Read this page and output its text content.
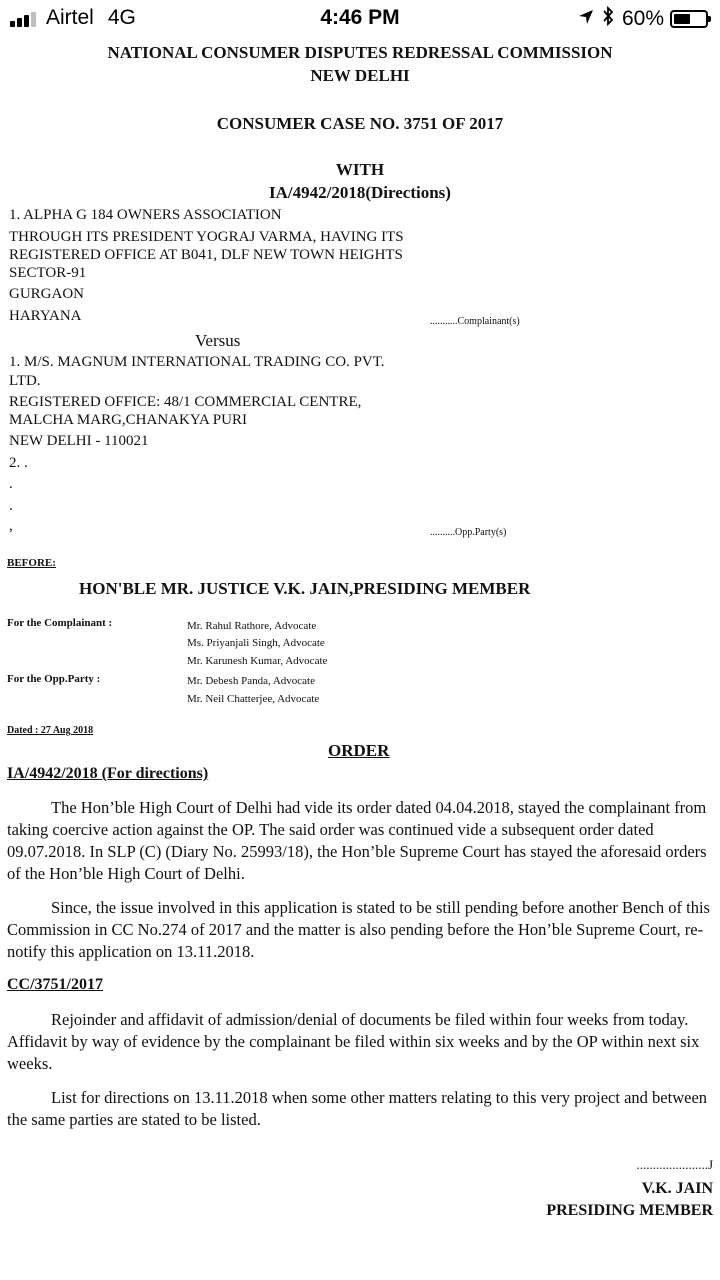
Airtel 4G	4:46 PM	60%
NATIONAL CONSUMER DISPUTES REDRESSAL COMMISSION
NEW DELHI
CONSUMER CASE NO. 3751 OF 2017
WITH
IA/4942/2018(Directions)
1. ALPHA G 184 OWNERS ASSOCIATION
THROUGH ITS PRESIDENT YOGRAJ VARMA, HAVING ITS
REGISTERED OFFICE AT B041, DLF NEW TOWN HEIGHTS
SECTOR-91
GURGAON
HARYANA	...........Complainant(s)
Versus
1. M/S. MAGNUM INTERNATIONAL TRADING CO. PVT.
LTD.
REGISTERED OFFICE: 48/1 COMMERCIAL CENTRE,
MALCHA MARG,CHANAKYA PURI
NEW DELHI - 110021
2. .
.
.
,	..........Opp.Party(s)
BEFORE:
HON'BLE MR. JUSTICE V.K. JAIN,PRESIDING MEMBER
For the Complainant :	Mr. Rahul Rathore, Advocate
Ms. Priyanjali Singh, Advocate
Mr. Karunesh Kumar, Advocate
For the Opp.Party :	Mr. Debesh Panda, Advocate
Mr. Neil Chatterjee, Advocate
Dated : 27 Aug 2018
ORDER
IA/4942/2018 (For directions)
The Hon’ble High Court of Delhi had vide its order dated 04.04.2018, stayed the complainant from taking coercive action against the OP. The said order was continued vide a subsequent order dated 09.07.2018. In SLP (C) (Diary No. 25993/18), the Hon’ble Supreme Court has stayed the aforesaid orders of the Hon’ble High Court of Delhi.
Since, the issue involved in this application is stated to be still pending before another Bench of this Commission in CC No.274 of 2017 and the matter is also pending before the Hon’ble Supreme Court, re-notify this application on 13.11.2018.
CC/3751/2017
Rejoinder and affidavit of admission/denial of documents be filed within four weeks from today. Affidavit by way of evidence by the complainant be filed within six weeks and by the OP within next six weeks.
List for directions on 13.11.2018 when some other matters relating to this very project and between the same parties are stated to be listed.
......................J
V.K. JAIN
PRESIDING MEMBER
